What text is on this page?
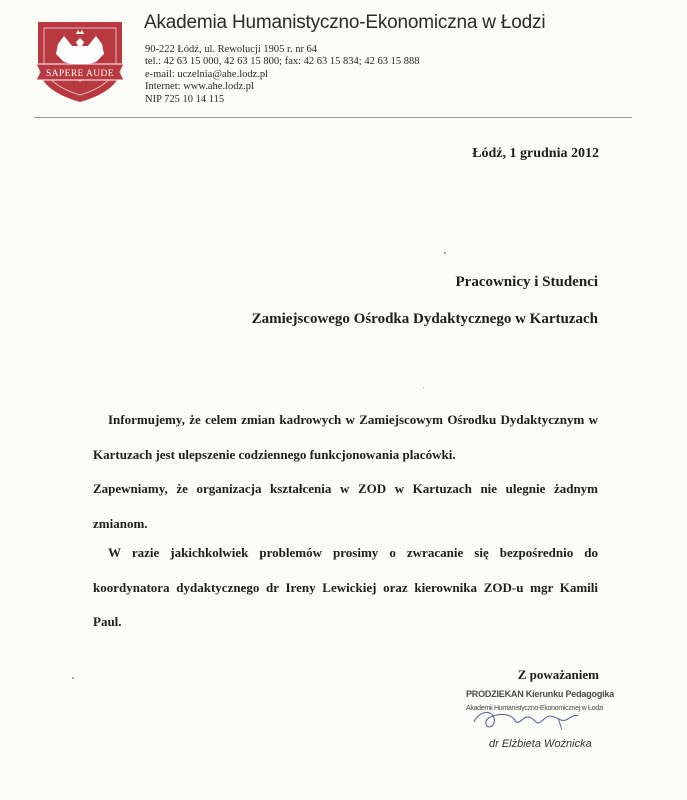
SAPERE AUDE
Akademia Humanistyczno-Ekonomiczna w Łodzi
90-222 Łódź, ul. Rewolucji 1905 r. nr 64
tel.: 42 63 15 000, 42 63 15 800; fax: 42 63 15 834; 42 63 15 888
e-mail: uczelnia@ahe.lodz.pl
Internet: www.ahe.lodz.pl
NIP 725 10 14 115
Łódź, 1 grudnia 2012
Pracownicy i Studenci
Zamiejscowego Ośrodka Dydaktycznego w Kartuzach
Informujemy, że celem zmian kadrowych w Zamiejscowym Ośrodku Dydaktycznym w Kartuzach jest ulepszenie codziennego funkcjonowania placówki.
Zapewniamy, że organizacja kształcenia w ZOD w Kartuzach nie ulegnie żadnym zmianom.
W razie jakichkolwiek problemów prosimy o zwracanie się bezpośrednio do koordynatora dydaktycznego dr Ireny Lewickiej oraz kierownika ZOD-u mgr Kamili Paul.
Z poważaniem
PRODZIEKAN Kierunku Pedagogika
Akademii Humanistyczno-Ekonomicznej w Łodzi
dr Elżbieta Woźnicka
